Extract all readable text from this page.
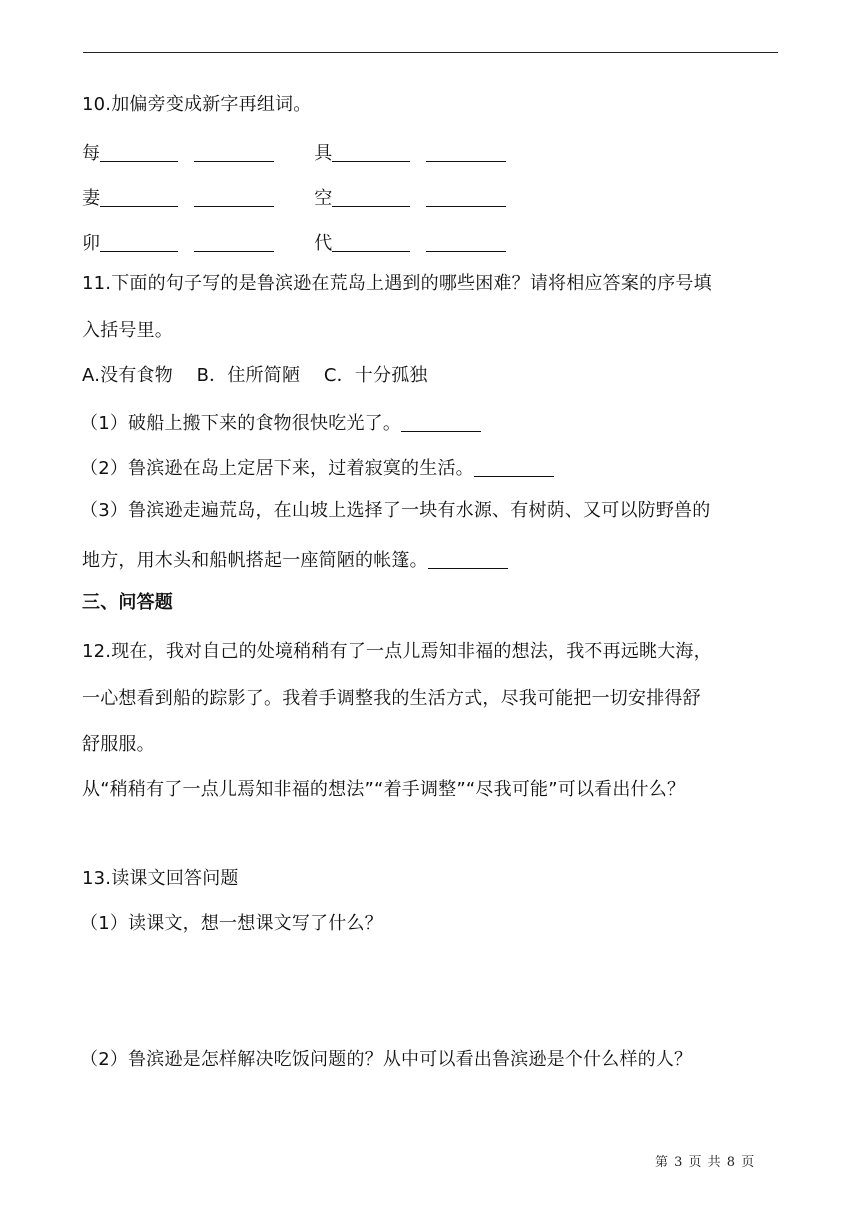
10.加偏旁变成新字再组词。
每	具
妻	空
卯	代
11.下面的句子写的是鲁滨逊在荒岛上遇到的哪些困难？请将相应答案的序号填
入括号里。
A.没有食物    B．住所简陋    C．十分孤独
（1）破船上搬下来的食物很快吃光了。
（2）鲁滨逊在岛上定居下来，过着寂寞的生活。
（3）鲁滨逊走遍荒岛，在山坡上选择了一块有水源、有树荫、又可以防野兽的
地方，用木头和船帆搭起一座简陋的帐篷。
三、问答题
12.现在，我对自己的处境稍稍有了一点儿焉知非福的想法，我不再远眺大海，
一心想看到船的踪影了。我着手调整我的生活方式，尽我可能把一切安排得舒
舒服服。
从“稍稍有了一点儿焉知非福的想法”“着手调整”“尽我可能”可以看出什么？
13.读课文回答问题
（1）读课文，想一想课文写了什么？
（2）鲁滨逊是怎样解决吃饭问题的？从中可以看出鲁滨逊是个什么样的人？
第 3 页 共 8 页
